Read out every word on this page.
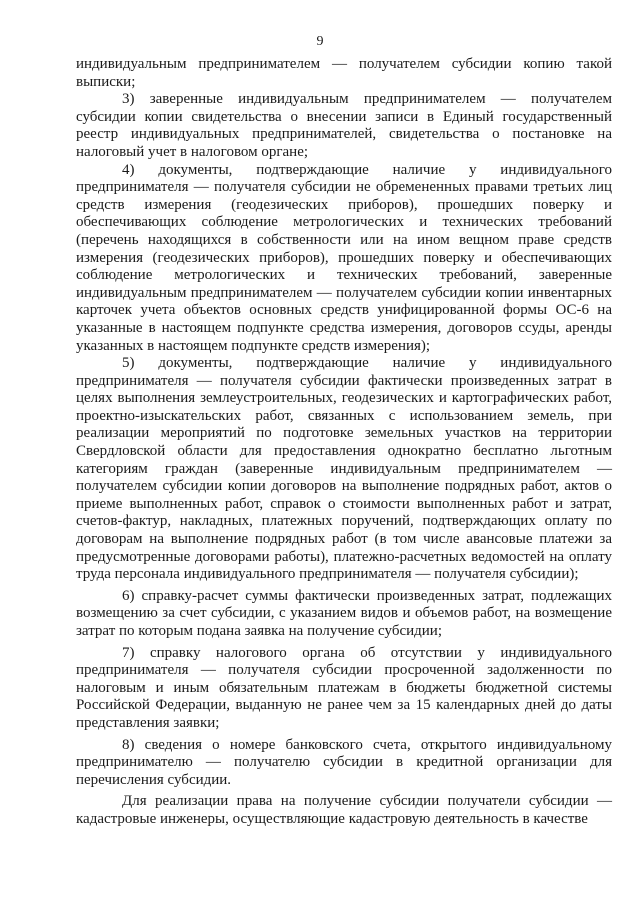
9

индивидуальным предпринимателем — получателем субсидии копию такой выписки;

3) заверенные индивидуальным предпринимателем — получателем субсидии копии свидетельства о внесении записи в Единый государственный реестр индивидуальных предпринимателей, свидетельства о постановке на налоговый учет в налоговом органе;

4) документы, подтверждающие наличие у индивидуального предпринимателя — получателя субсидии не обремененных правами третьих лиц средств измерения (геодезических приборов), прошедших поверку и обеспечивающих соблюдение метрологических и технических требований (перечень находящихся в собственности или на ином вещном праве средств измерения (геодезических приборов), прошедших поверку и обеспечивающих соблюдение метрологических и технических требований, заверенные индивидуальным предпринимателем — получателем субсидии копии инвентарных карточек учета объектов основных средств унифицированной формы ОС-6 на указанные в настоящем подпункте средства измерения, договоров ссуды, аренды указанных в настоящем подпункте средств измерения);

5) документы, подтверждающие наличие у индивидуального предпринимателя — получателя субсидии фактически произведенных затрат в целях выполнения землеустроительных, геодезических и картографических работ, проектно-изыскательских работ, связанных с использованием земель, при реализации мероприятий по подготовке земельных участков на территории Свердловской области для предоставления однократно бесплатно льготным категориям граждан (заверенные индивидуальным предпринимателем — получателем субсидии копии договоров на выполнение подрядных работ, актов о приеме выполненных работ, справок о стоимости выполненных работ и затрат, счетов-фактур, накладных, платежных поручений, подтверждающих оплату по договорам на выполнение подрядных работ (в том числе авансовые платежи за предусмотренные договорами работы), платежно-расчетных ведомостей на оплату труда персонала индивидуального предпринимателя — получателя субсидии);

6) справку-расчет суммы фактически произведенных затрат, подлежащих возмещению за счет субсидии, с указанием видов и объемов работ, на возмещение затрат по которым подана заявка на получение субсидии;

7) справку налогового органа об отсутствии у индивидуального предпринимателя — получателя субсидии просроченной задолженности по налоговым и иным обязательным платежам в бюджеты бюджетной системы Российской Федерации, выданную не ранее чем за 15 календарных дней до даты представления заявки;

8) сведения о номере банковского счета, открытого индивидуальному предпринимателю — получателю субсидии в кредитной организации для перечисления субсидии.

Для реализации права на получение субсидии получатели субсидии — кадастровые инженеры, осуществляющие кадастровую деятельность в качестве
